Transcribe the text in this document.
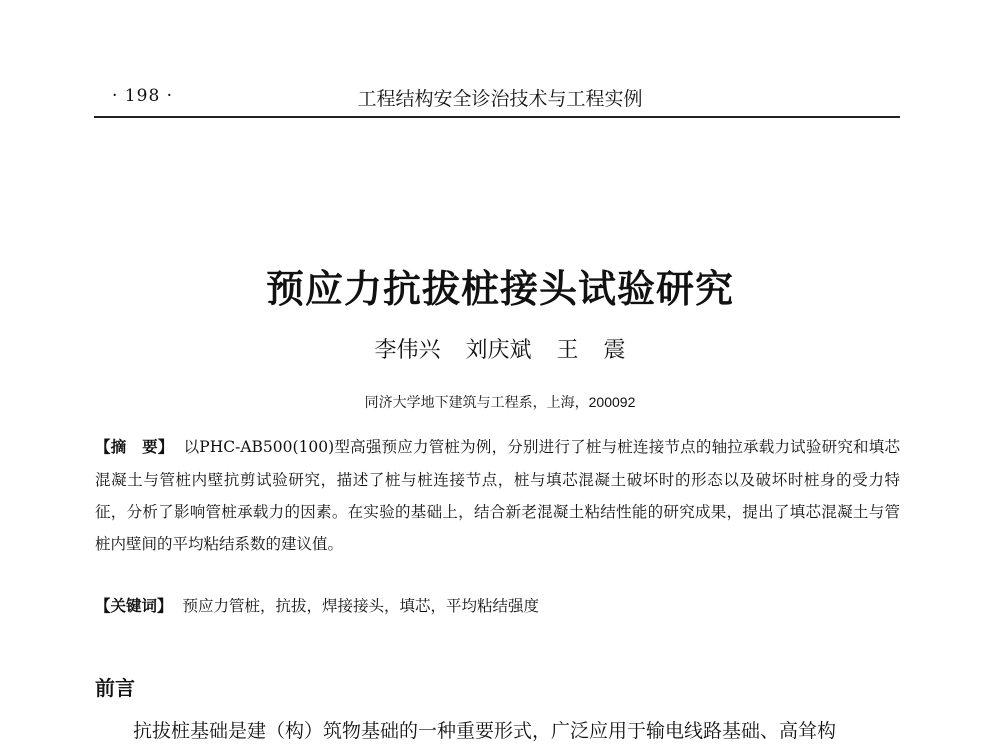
· 198 ·	工程结构安全诊治技术与工程实例
预应力抗拔桩接头试验研究
李伟兴 刘庆斌 王 震
同济大学地下建筑与工程系，上海，200092
【摘　要】 以PHC-AB500(100)型高强预应力管桩为例，分别进行了桩与桩连接节点的轴拉承载力试验研究和填芯混凝土与管桩内壁抗剪试验研究，描述了桩与桩连接节点，桩与填芯混凝土破坏时的形态以及破坏时桩身的受力特征，分析了影响管桩承载力的因素。在实验的基础上，结合新老混凝土粘结性能的研究成果，提出了填芯混凝土与管桩内壁间的平均粘结系数的建议值。
【关键词】 预应力管桩，抗拔，焊接接头，填芯，平均粘结强度
前言
抗拔桩基础是建（构）筑物基础的一种重要形式，广泛应用于输电线路基础、高耸构
